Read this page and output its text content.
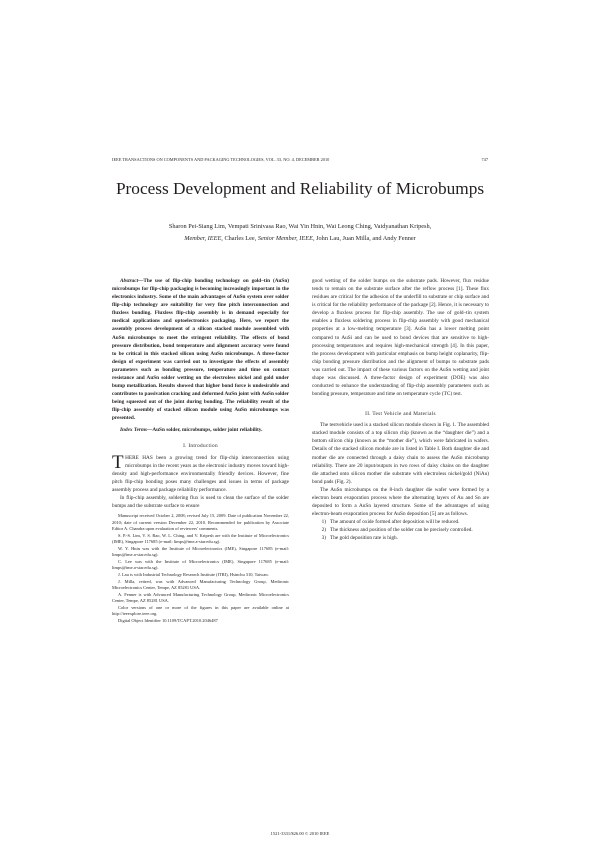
IEEE TRANSACTIONS ON COMPONENTS AND PACKAGING TECHNOLOGIES, VOL. 33, NO. 4, DECEMBER 2010	747
Process Development and Reliability of Microbumps
Sharon Pei-Siang Lim, Vempati Srinivasa Rao, Wai Yin Hnin, Wai Leong Ching, Vaidyanathan Kripesh,
Member, IEEE, Charles Lee, Senior Member, IEEE, John Lau, Juan Milla, and Andy Fenner

Abstract—The use of flip-chip bonding technology on gold–tin (AuSn) microbumps for flip-chip packaging is becoming increasingly important in the electronics industry. Some of the main advantages of AuSn system over solder flip-chip technology are suitability for very fine pitch interconnection and fluxless bonding. Fluxless flip-chip assembly is in demand especially for medical applications and optoelectronics packaging. Here, we report the assembly process development of a silicon stacked module assembled with AuSn microbumps to meet the stringent reliability. The effects of bond pressure distribution, bond temperature and alignment accuracy were found to be critical in this stacked silicon using AuSn microbumps. A three-factor design of experiment was carried out to investigate the effects of assembly parameters such as bonding pressure, temperature and time on contact resistance and AuSn solder wetting on the electroless nickel and gold under bump metallization. Results showed that higher bond force is undesirable and contributes to passivation cracking and deformed AuSn joint with AuSn solder being squeezed out of the joint during bonding. The reliability result of the flip-chip assembly of stacked silicon module using AuSn microbumps was presented.

Index Terms—AuSn solder, microbumps, solder joint reliability.

I. Introduction

THERE HAS been a growing trend for flip-chip interconnection using microbumps in the recent years as the electronic industry moves toward high-density and high-performance environmentally friendly devices. However, fine pitch flip-chip bonding poses many challenges and issues in terms of package assembly process and package reliability performance.

In flip-chip assembly, soldering flux is used to clean the surface of the solder bumps and the substrate surface to ensure

Manuscript received October 2, 2008; revised July 15, 2009. Date of publication November 22, 2010; date of current version December 22, 2010. Recommended for publication by Associate Editor A. Chandra upon evaluation of reviewers' comments.

S. P.-S. Lim, V. S. Rao, W. L. Ching, and V. Kripesh are with the Institute of Microelectronics (IME), Singapore 117685 (e-mail: limps@ime.a-star.edu.sg).

W. Y. Hnin was with the Institute of Microelectronics (IME), Singapore 117685 (e-mail: limps@ime.a-star.edu.sg).

C. Lee was with the Institute of Microelectronics (IME), Singapore 117685 (e-mail: limps@ime.a-star.edu.sg).

J. Lau is with Industrial Technology Research Institute (ITRI), Hsinchu 310, Taiwan.

J. Milla, retired, was with Advanced Manufacturing Technology Group, Medtronic Microelectronics Center, Tempe, AZ 85281 USA.

A. Fenner is with Advanced Manufacturing Technology Group, Medtronic Microelectronics Center, Tempe, AZ 85281 USA.

Color versions of one or more of the figures in this paper are available online at http://ieeexplore.ieee.org.

Digital Object Identifier 10.1109/TCAPT.2010.2046487

good wetting of the solder bumps on the substrate pads. However, flux residue tends to remain on the substrate surface after the reflow process [1]. These flux residues are critical for the adhesion of the underfill to substrate or chip surface and is critical for the reliability performance of the package [2]. Hence, it is necessary to develop a fluxless process for flip-chip assembly. The use of gold–tin system enables a fluxless soldering process in flip-chip assembly with good mechanical properties at a low-melting temperature [3]. AuSn has a lower melting point compared to AuSi and can be used to bond devices that are sensitive to high-processing temperatures and requires high-mechanical strength [4]. In this paper, the process development with particular emphasis on bump height coplanarity, flip-chip bonding pressure distribution and the alignment of bumps to substrate pads was carried out. The impact of these various factors on the AuSn wetting and joint shape was discussed. A three-factor design of experiment (DOE) was also conducted to enhance the understanding of flip-chip assembly parameters such as bonding pressure, temperature and time on temperature cycle (TC) test.

II. Test Vehicle and Materials

The testvehicle used is a stacked silicon module shown in Fig. 1. The assembled stacked module consists of a top silicon chip (known as the “daughter die”) and a bottom silicon chip (known as the “mother die”), which were fabricated in wafers. Details of the stacked silicon module are in listed in Table I. Both daughter die and mother die are connected through a daisy chain to assess the AuSn microbump reliability. There are 20 input/outputs in two rows of daisy chains on the daughter die attached onto silicon mother die substrate with electroless nickel/gold (NiAu) bond pads (Fig. 2).

The AuSn microbumps on the 8-inch daughter die wafer were formed by a electron beam evaporation process where the alternating layers of Au and Sn are deposited to form a AuSn layered structure. Some of the advantages of using electron-beam evaporation process for AuSn deposition [5] are as follows.

1) The amount of oxide formed after deposition will be reduced.
2) The thickness and position of the solder can be precisely controlled.
3) The gold deposition rate is high.
1521-3331/$26.00 © 2010 IEEE
